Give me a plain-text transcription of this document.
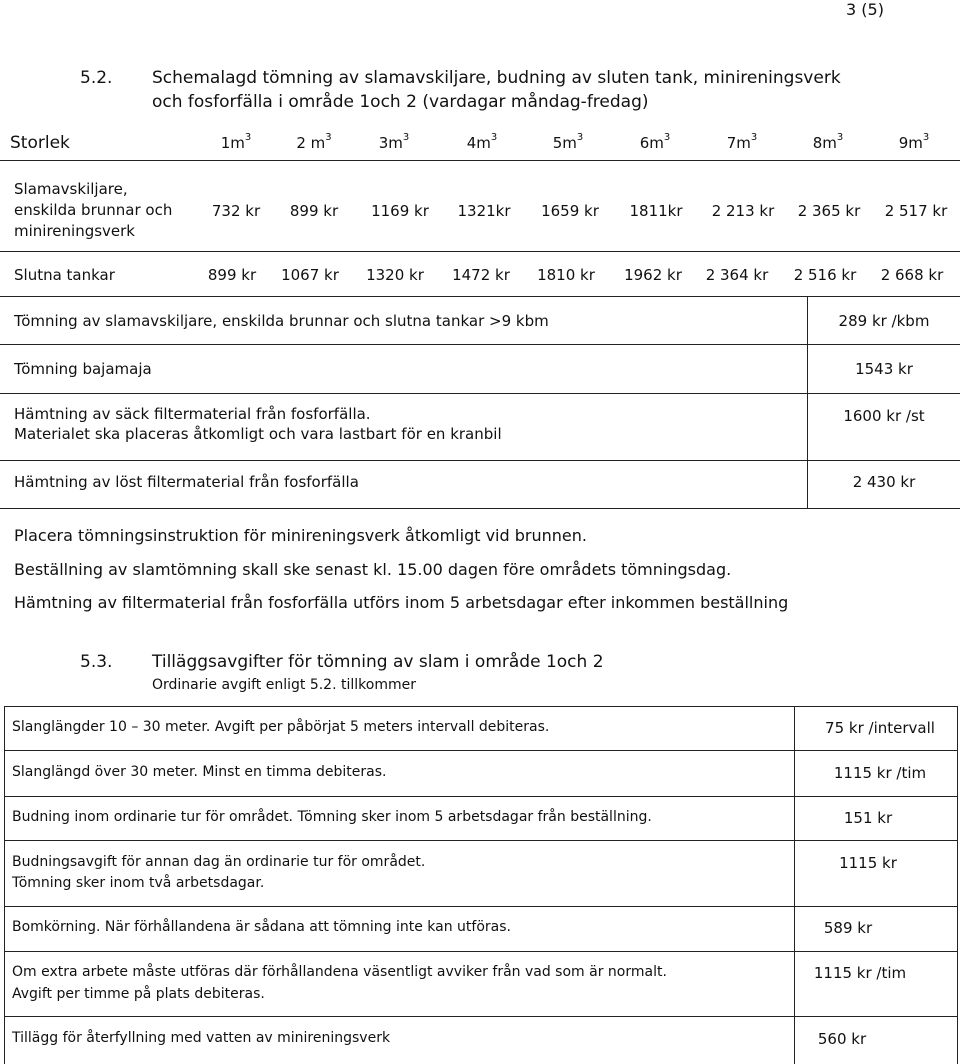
3 (5)
5.2. Schemalagd tömning av slamavskiljare, budning av sluten tank, minireningsverk
och fosforfälla i område 1och 2 (vardagar måndag-fredag)
Storlek	$1m^3$	2 $m^3$	$3m^3$	$4m^3$	$5m^3$	$6m^3$	$7m^3$	$8m^3$	$9m^3$
Slamavskiljare,
enskilda brunnar och
minireningsverk
732 kr	899 kr	1169 kr	1321kr	1659 kr	1811kr	2 213 kr	2 365 kr	2 517 kr
Slutna tankar	899 kr	1067 kr	1320 kr	1472 kr	1810 kr	1962 kr	2 364 kr	2 516 kr	2 668 kr
Tömning av slamavskiljare, enskilda brunnar och slutna tankar >9 kbm	289 kr /kbm
Tömning bajamaja	1543 kr
Hämtning av säck filtermaterial från fosforfälla.
Materialet ska placeras åtkomligt och vara lastbart för en kranbil
1600 kr /st
Hämtning av löst filtermaterial från fosforfälla	2 430 kr
Placera tömningsinstruktion för minireningsverk åtkomligt vid brunnen.
Beställning av slamtömning skall ske senast kl. 15.00 dagen före områdets tömningsdag.
Hämtning av filtermaterial från fosforfälla utförs inom 5 arbetsdagar efter inkommen beställning
5.3. Tilläggsavgifter för tömning av slam i område 1och 2
Ordinarie avgift enligt 5.2. tillkommer
Slanglängder 10 – 30 meter. Avgift per påbörjat 5 meters intervall debiteras.	75 kr /intervall
Slanglängd över 30 meter. Minst en timma debiteras.	1115 kr /tim
Budning inom ordinarie tur för området. Tömning sker inom 5 arbetsdagar från beställning.	151 kr
Budningsavgift för annan dag än ordinarie tur för området.
Tömning sker inom två arbetsdagar.
1115 kr
Bomkörning. När förhållandena är sådana att tömning inte kan utföras.	589 kr
Om extra arbete måste utföras där förhållandena väsentligt avviker från vad som är normalt.
Avgift per timme på plats debiteras.
1115 kr /tim
Tillägg för återfyllning med vatten av minireningsverk	560 kr
